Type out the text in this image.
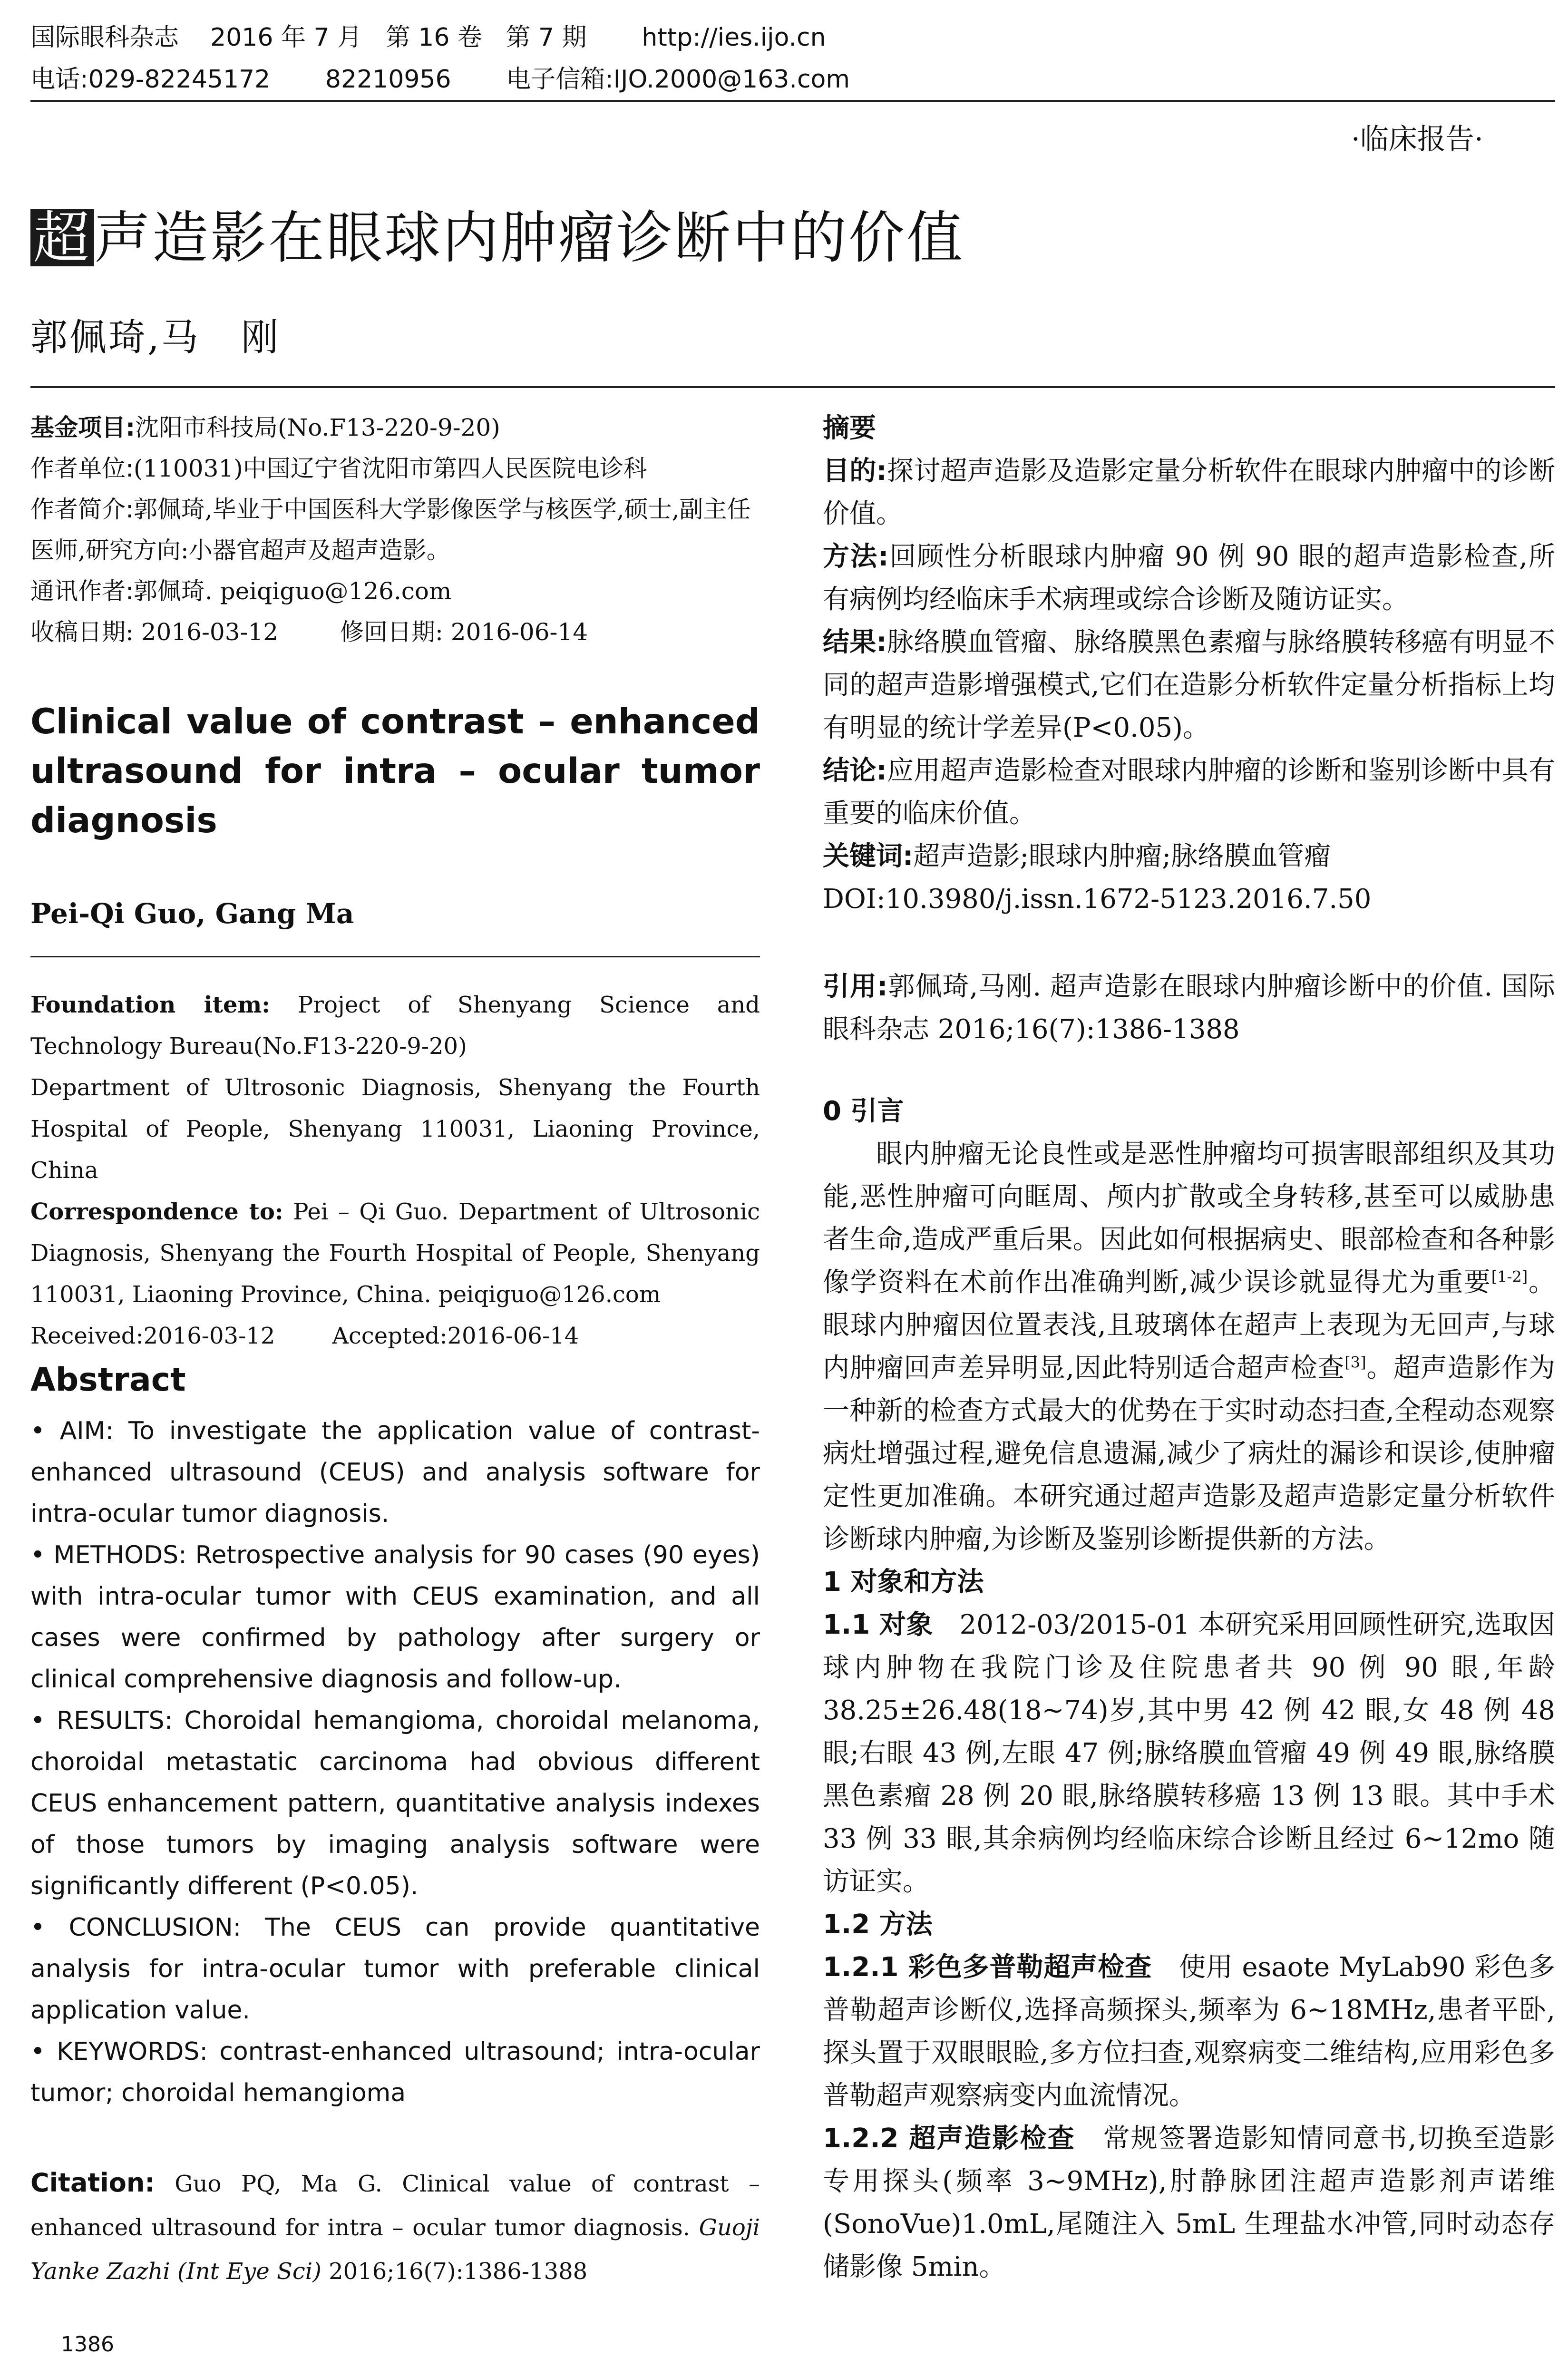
国际眼科杂志    2016 年 7 月   第 16 卷   第 7 期       http://ies.ijo.cn
电话:029-82245172       82210956       电子信箱:IJO.2000@163.com
·临床报告·
超声造影在眼球内肿瘤诊断中的价值
郭佩琦,马   刚

基金项目:沈阳市科技局(No.F13-220-9-20)

作者单位:(110031)中国辽宁省沈阳市第四人民医院电诊科

作者简介:郭佩琦,毕业于中国医科大学影像医学与核医学,硕士,副主任医师,研究方向:小器官超声及超声造影。

通讯作者:郭佩琦. peiqiguo@126.com

收稿日期: 2016-03-12	修回日期: 2016-06-14

Clinical value of contrast – enhanced ultrasound for intra – ocular tumor diagnosis
Pei-Qi Guo, Gang Ma

Foundation item: Project of Shenyang Science and Technology Bureau(No.F13-220-9-20)

Department of Ultrosonic Diagnosis, Shenyang the Fourth Hospital of People, Shenyang 110031, Liaoning Province, China

Correspondence to: Pei – Qi Guo. Department of Ultrosonic Diagnosis, Shenyang the Fourth Hospital of People, Shenyang 110031, Liaoning Province, China. peiqiguo@126.com

Received:2016-03-12	Accepted:2016-06-14

Abstract

• AIM: To investigate the application value of contrast-enhanced ultrasound (CEUS) and analysis software for intra-ocular tumor diagnosis.

• METHODS: Retrospective analysis for 90 cases (90 eyes) with intra-ocular tumor with CEUS examination, and all cases were confirmed by pathology after surgery or clinical comprehensive diagnosis and follow-up.

• RESULTS: Choroidal hemangioma, choroidal melanoma, choroidal metastatic carcinoma had obvious different CEUS enhancement pattern, quantitative analysis indexes of those tumors by imaging analysis software were significantly different (P<0.05).

• CONCLUSION: The CEUS can provide quantitative analysis for intra-ocular tumor with preferable clinical application value.

• KEYWORDS: contrast-enhanced ultrasound; intra-ocular tumor; choroidal hemangioma

Citation: Guo PQ, Ma G. Clinical value of contrast – enhanced ultrasound for intra – ocular tumor diagnosis. Guoji Yanke Zazhi (Int Eye Sci) 2016;16(7):1386-1388

摘要

目的:探讨超声造影及造影定量分析软件在眼球内肿瘤中的诊断价值。

方法:回顾性分析眼球内肿瘤 90 例 90 眼的超声造影检查,所有病例均经临床手术病理或综合诊断及随访证实。

结果:脉络膜血管瘤、脉络膜黑色素瘤与脉络膜转移癌有明显不同的超声造影增强模式,它们在造影分析软件定量分析指标上均有明显的统计学差异(P<0.05)。

结论:应用超声造影检查对眼球内肿瘤的诊断和鉴别诊断中具有重要的临床价值。

关键词:超声造影;眼球内肿瘤;脉络膜血管瘤

DOI:10.3980/j.issn.1672-5123.2016.7.50

引用:郭佩琦,马刚. 超声造影在眼球内肿瘤诊断中的价值. 国际眼科杂志 2016;16(7):1386-1388

0 引言

眼内肿瘤无论良性或是恶性肿瘤均可损害眼部组织及其功能,恶性肿瘤可向眶周、颅内扩散或全身转移,甚至可以威胁患者生命,造成严重后果。因此如何根据病史、眼部检查和各种影像学资料在术前作出准确判断,减少误诊就显得尤为重要[1-2]。眼球内肿瘤因位置表浅,且玻璃体在超声上表现为无回声,与球内肿瘤回声差异明显,因此特别适合超声检查[3]。超声造影作为一种新的检查方式最大的优势在于实时动态扫查,全程动态观察病灶增强过程,避免信息遗漏,减少了病灶的漏诊和误诊,使肿瘤定性更加准确。本研究通过超声造影及超声造影定量分析软件诊断球内肿瘤,为诊断及鉴别诊断提供新的方法。

1 对象和方法

1.1 对象  2012-03/2015-01 本研究采用回顾性研究,选取因球内肿物在我院门诊及住院患者共 90 例 90 眼,年龄 38.25±26.48(18~74)岁,其中男 42 例 42 眼,女 48 例 48 眼;右眼 43 例,左眼 47 例;脉络膜血管瘤 49 例 49 眼,脉络膜黑色素瘤 28 例 20 眼,脉络膜转移癌 13 例 13 眼。其中手术 33 例 33 眼,其余病例均经临床综合诊断且经过 6~12mo 随访证实。

1.2 方法

1.2.1 彩色多普勒超声检查  使用 esaote MyLab90 彩色多普勒超声诊断仪,选择高频探头,频率为 6~18MHz,患者平卧,探头置于双眼眼睑,多方位扫查,观察病变二维结构,应用彩色多普勒超声观察病变内血流情况。

1.2.2 超声造影检查  常规签署造影知情同意书,切换至造影专用探头(频率 3~9MHz),肘静脉团注超声造影剂声诺维(SonoVue)1.0mL,尾随注入 5mL 生理盐水冲管,同时动态存储影像 5min。

1386
